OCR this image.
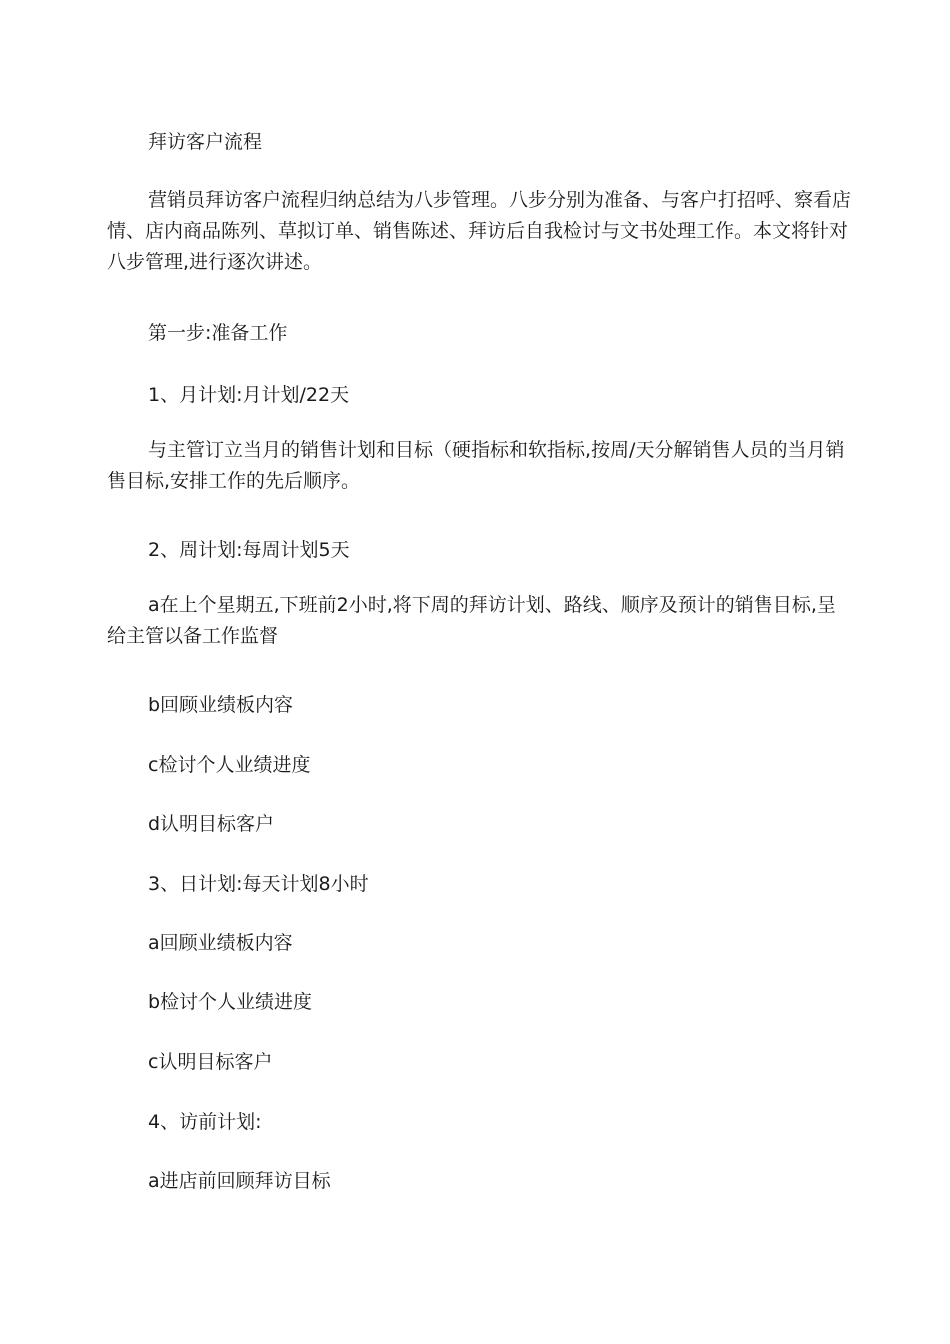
拜访客户流程

营销员拜访客户流程归纳总结为八步管理。八步分别为准备、与客户打招呼、察看店情、店内商品陈列、草拟订单、销售陈述、拜访后自我检讨与文书处理工作。本文将针对八步管理,进行逐次讲述。

第一步:准备工作

1、月计划:月计划/22天

与主管订立当月的销售计划和目标（硬指标和软指标,按周/天分解销售人员的当月销售目标,安排工作的先后顺序。

2、周计划:每周计划5天

a在上个星期五,下班前2小时,将下周的拜访计划、路线、顺序及预计的销售目标,呈给主管以备工作监督

b回顾业绩板内容

c检讨个人业绩进度

d认明目标客户

3、日计划:每天计划8小时

a回顾业绩板内容

b检讨个人业绩进度

c认明目标客户

4、访前计划:

a进店前回顾拜访目标
